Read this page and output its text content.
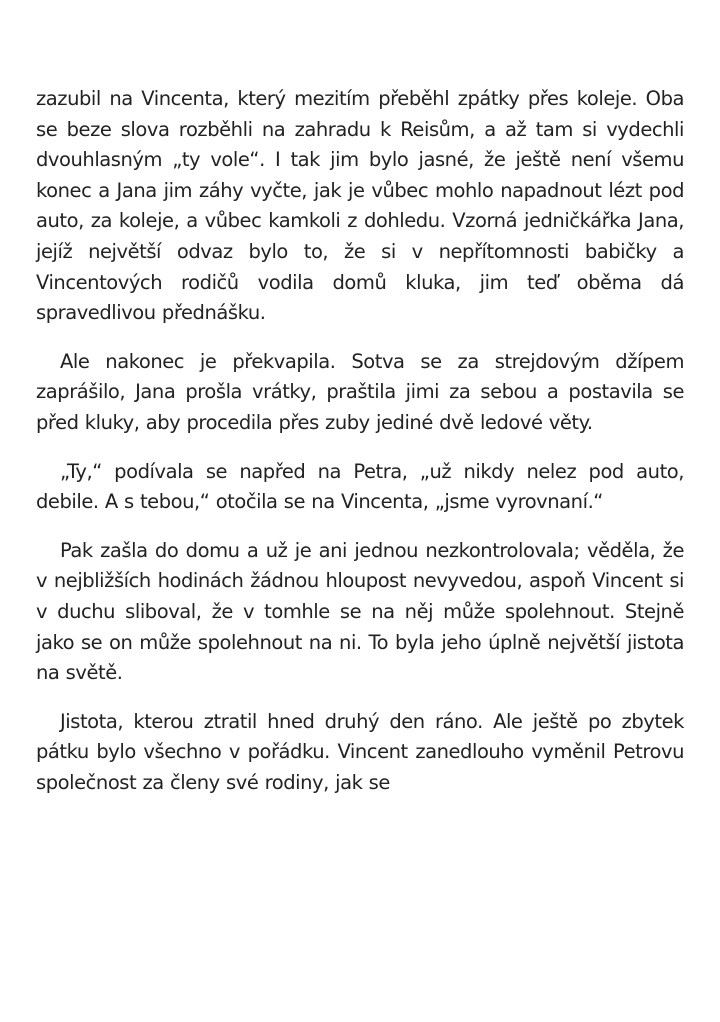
zazubil na Vincenta, který mezitím přeběhl zpátky přes koleje. Oba se beze slova rozběhli na zahradu k Reisům, a až tam si vydechli dvouhlasným „ty vole“. I tak jim bylo jasné, že ještě není všemu konec a Jana jim záhy vyčte, jak je vůbec mohlo napadnout lézt pod auto, za koleje, a vůbec kamkoli z dohledu. Vzorná jedničkářka Jana, jejíž největší odvaz bylo to, že si v nepřítomnosti babičky a Vincentových rodičů vodila domů kluka, jim teď oběma dá spravedlivou přednášku.

Ale nakonec je překvapila. Sotva se za strejdovým džípem zaprášilo, Jana prošla vrátky, praštila jimi za sebou a postavila se před kluky, aby procedila přes zuby jediné dvě ledové věty.

„Ty,“ podívala se napřed na Petra, „už nikdy nelez pod auto, debile. A s tebou,“ otočila se na Vincenta, „jsme vyrovnaní.“

Pak zašla do domu a už je ani jednou nezkontrolovala; věděla, že v nejbližších hodinách žádnou hloupost nevyvedou, aspoň Vincent si v duchu sliboval, že v tomhle se na něj může spolehnout. Stejně jako se on může spolehnout na ni. To byla jeho úplně největší jistota na světě.

Jistota, kterou ztratil hned druhý den ráno. Ale ještě po zbytek pátku bylo všechno v pořádku. Vincent zanedlouho vyměnil Petrovu společnost za členy své rodiny, jak se
